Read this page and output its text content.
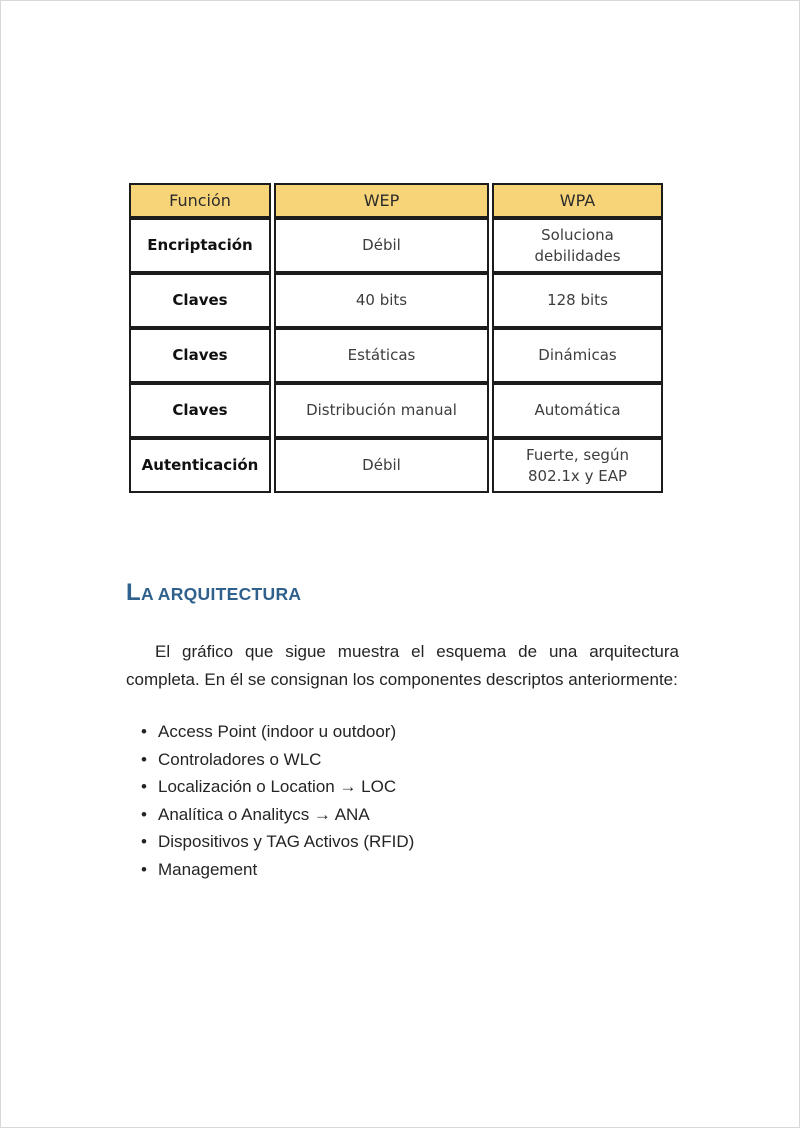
Función	WEP	WPA
Encriptación	Débil	Soluciona debilidades
Claves	40 bits	128 bits
Claves	Estáticas	Dinámicas
Claves	Distribución manual	Automática
Autenticación	Débil	Fuerte, según 802.1x y EAP
LA ARQUITECTURA

El gráfico que sigue muestra el esquema de una arquitectura completa. En él se consignan los componentes descriptos anteriormente:

• Access Point (indoor u outdoor)
• Controladores o WLC
• Localización o Location → LOC
• Analítica o Analitycs → ANA
• Dispositivos y TAG Activos (RFID)
• Management
